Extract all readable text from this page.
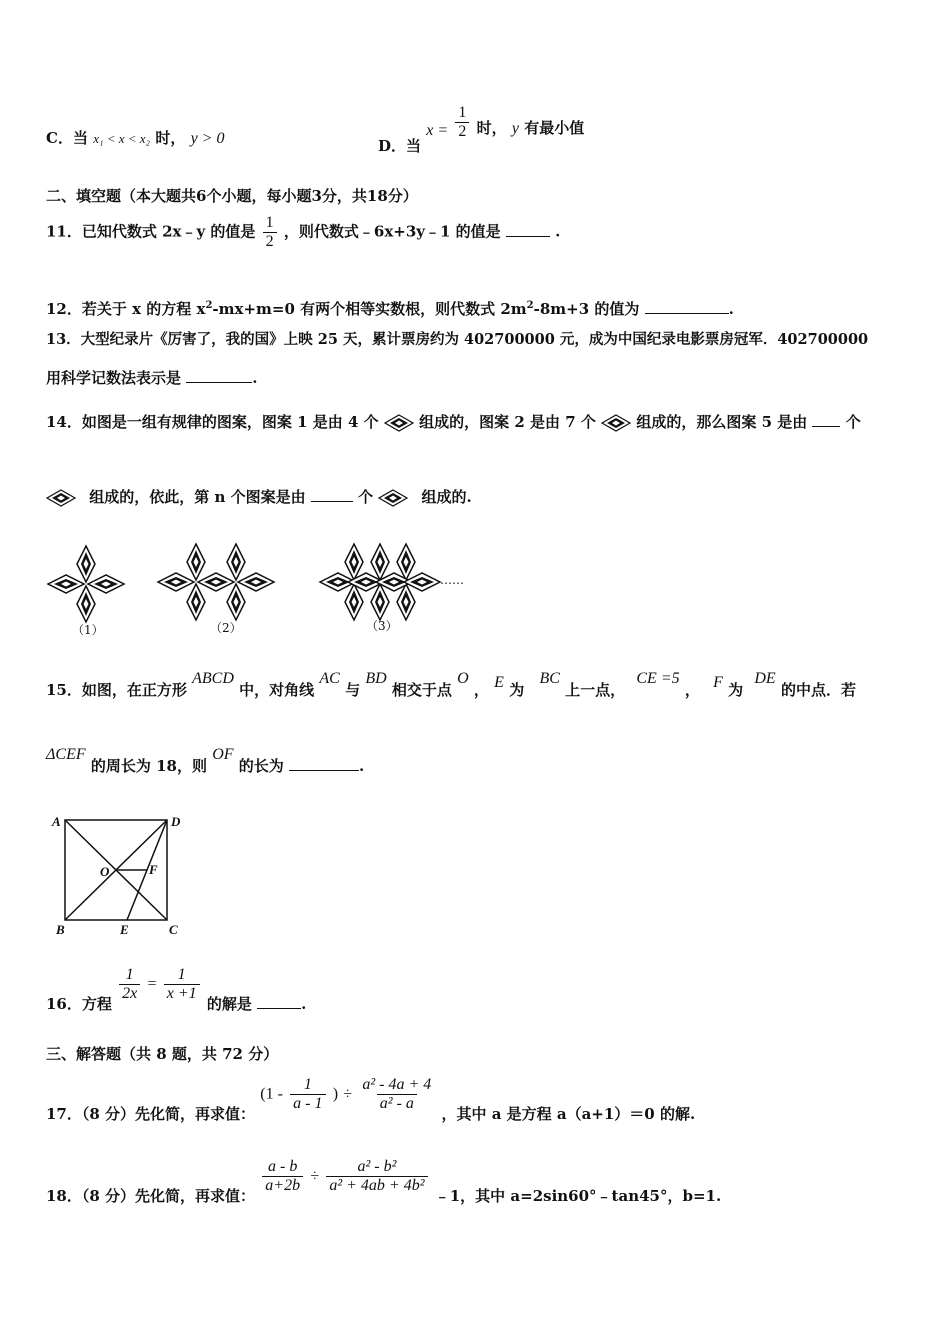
C．当 x₁ < x < x₂ 时， y > 0	D．当 $x = \frac{1}{2}$ 时， y 有最小值
二、填空题（本大题共6个小题，每小题3分，共18分）
11．已知代数式 2x﹣y 的值是 $\frac{1}{2}$ ，则代数式﹣6x+3y﹣1 的值是	.
12．若关于 x 的方程 $x^2-mx+m=0$ 有两个相等实数根，则代数式 $2m^2-8m+3$ 的值为	.
13．大型纪录片《厉害了，我的国》上映 25 天，累计票房约为 402700000 元，成为中国纪录电影票房冠军．402700000
用科学记数法表示是	.
14．如图是一组有规律的图案，图案 1 是由 4 个	组成的，图案 2 是由 7 个	组成的，那么图案 5 是由	个
组成的，依此，第 n 个图案是由	个	组成的.
（1）	（2）	（3）
……
15．如图，在正方形 ABCD 中，对角线 AC 与 BD 相交于点 O ， E 为 BC 上一点， CE =5 ， F 为 DE 的中点．若
ΔCEF 的周长为 18，则 OF 的长为	.
A	D
O	F
B	E	C
16．方程
$\frac{1}{2x} = \frac{1}{x +1}$
的解是	.
三、解答题（共 8 题，共 72 分）
17．（8 分）先化简，再求值： ($1 - \frac{1}{a - 1}$ ) ÷ $\frac{\text{a² - 4a + 4}}{\text{a² - a}}$
，其中 a 是方程 a（a+1）＝0 的解.
18．（8 分）先化简，再求值：
$\frac{a - b}{a+2b} \div \frac{\text{a² - b²}}{\text{a² + 4ab + 4b²}}$
﹣1，其中 a=2sin60°﹣tan45°，b=1.
